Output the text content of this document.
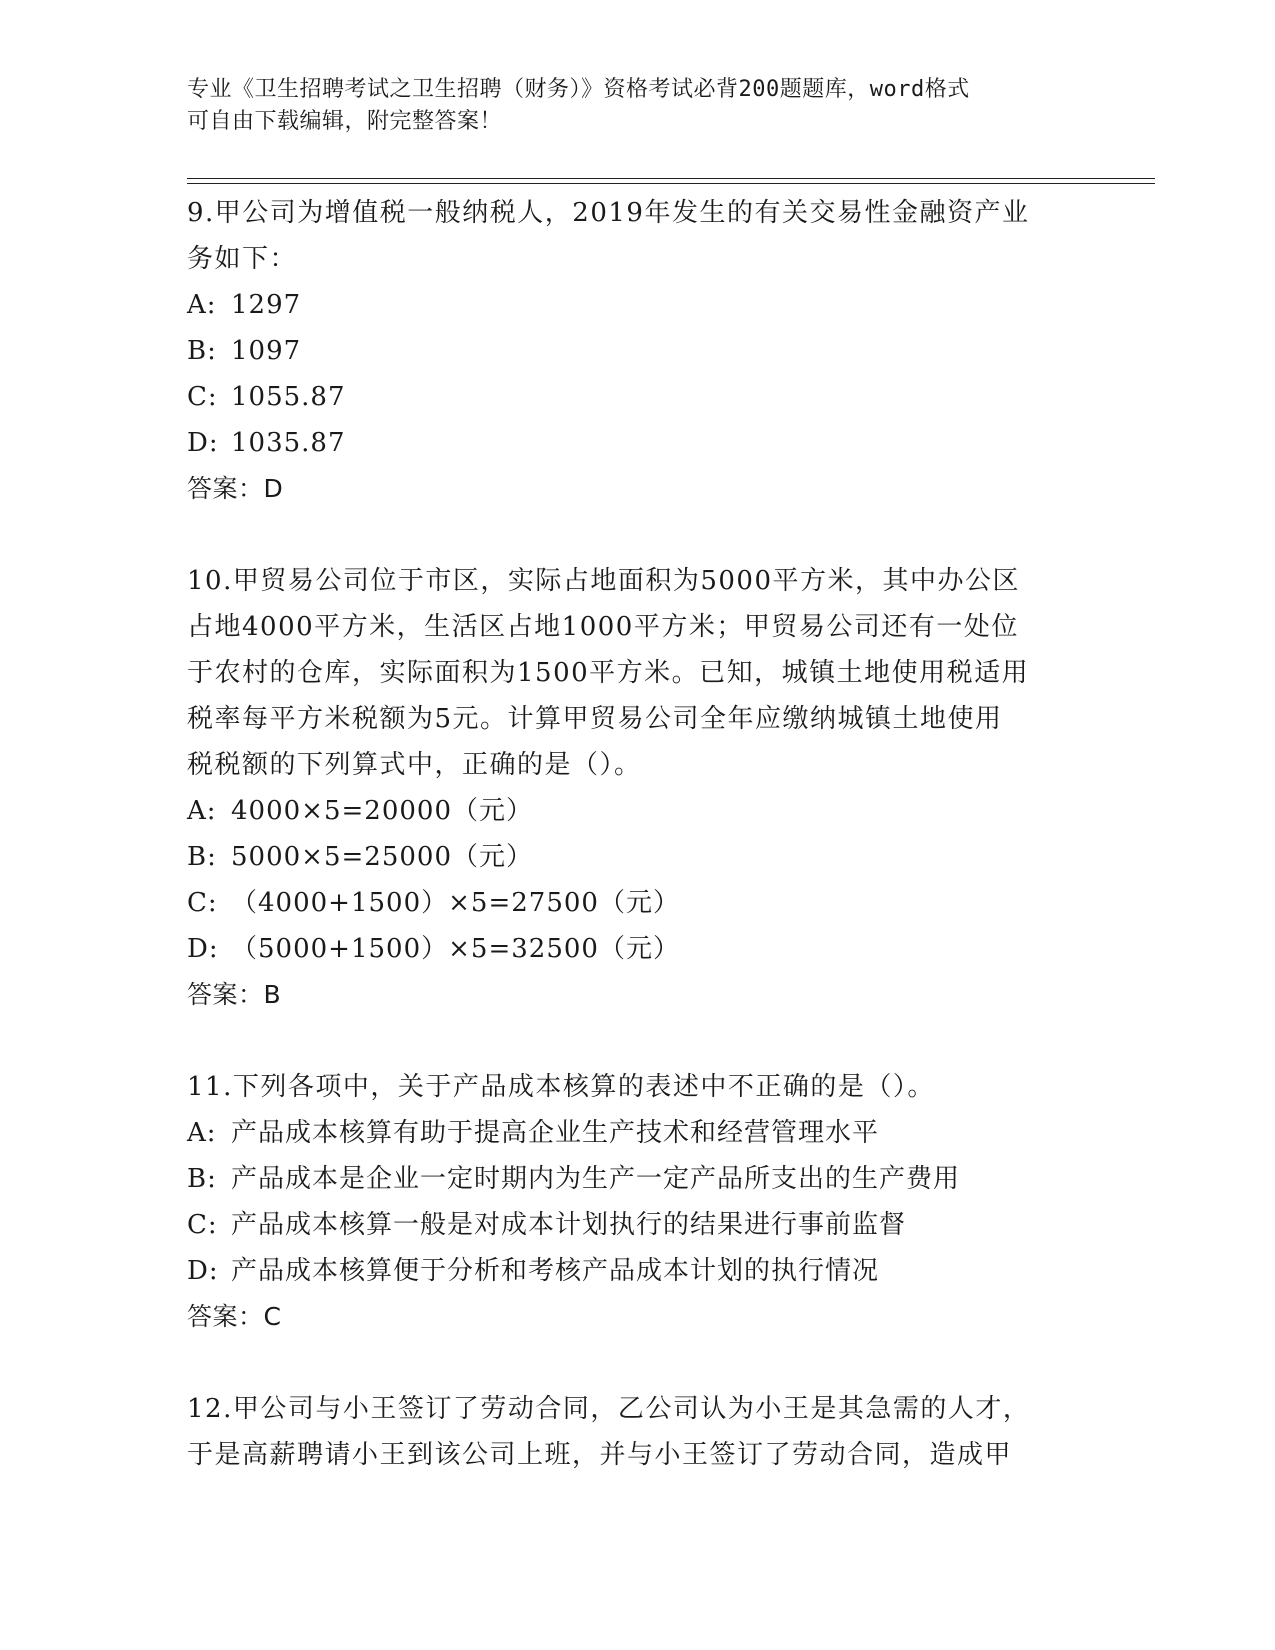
专业《卫生招聘考试之卫生招聘（财务）》资格考试必背200题题库，word格式
可自由下载编辑，附完整答案！
9.甲公司为增值税一般纳税人，2019年发生的有关交易性金融资产业
务如下：
A: 1297
B: 1097
C: 1055.87
D: 1035.87
答案：D
10.甲贸易公司位于市区，实际占地面积为5000平方米，其中办公区
占地4000平方米，生活区占地1000平方米；甲贸易公司还有一处位
于农村的仓库，实际面积为1500平方米。已知，城镇土地使用税适用
税率每平方米税额为5元。计算甲贸易公司全年应缴纳城镇土地使用
税税额的下列算式中，正确的是（）。
A: 4000×5=20000（元）
B: 5000×5=25000（元）
C: （4000+1500）×5=27500（元）
D: （5000+1500）×5=32500（元）
答案：B
11.下列各项中，关于产品成本核算的表述中不正确的是（）。
A: 产品成本核算有助于提高企业生产技术和经营管理水平
B: 产品成本是企业一定时期内为生产一定产品所支出的生产费用
C: 产品成本核算一般是对成本计划执行的结果进行事前监督
D: 产品成本核算便于分析和考核产品成本计划的执行情况
答案：C
12.甲公司与小王签订了劳动合同，乙公司认为小王是其急需的人才，
于是高薪聘请小王到该公司上班，并与小王签订了劳动合同，造成甲
